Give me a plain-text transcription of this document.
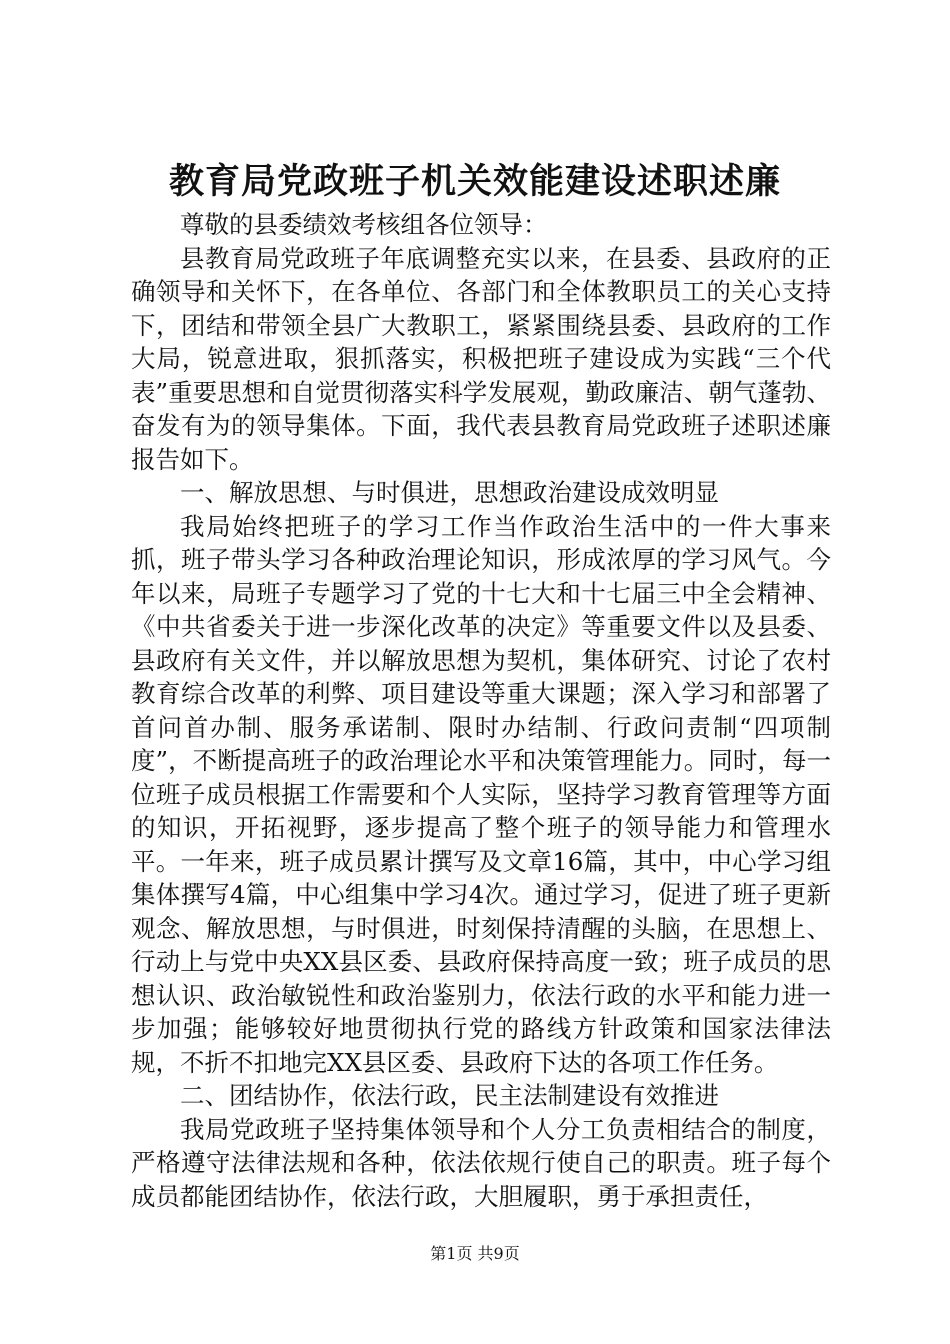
教育局党政班子机关效能建设述职述廉

尊敬的县委绩效考核组各位领导：

县教育局党政班子年底调整充实以来，在县委、县政府的正确领导和关怀下，在各单位、各部门和全体教职员工的关心支持下，团结和带领全县广大教职工，紧紧围绕县委、县政府的工作大局，锐意进取，狠抓落实，积极把班子建设成为实践“三个代表”重要思想和自觉贯彻落实科学发展观，勤政廉洁、朝气蓬勃、奋发有为的领导集体。下面，我代表县教育局党政班子述职述廉报告如下。

一、解放思想、与时俱进，思想政治建设成效明显

我局始终把班子的学习工作当作政治生活中的一件大事来抓，班子带头学习各种政治理论知识，形成浓厚的学习风气。今年以来，局班子专题学习了党的十七大和十七届三中全会精神、《中共省委关于进一步深化改革的决定》等重要文件以及县委、县政府有关文件，并以解放思想为契机，集体研究、讨论了农村教育综合改革的利弊、项目建设等重大课题；深入学习和部署了首问首办制、服务承诺制、限时办结制、行政问责制“四项制度”，不断提高班子的政治理论水平和决策管理能力。同时，每一位班子成员根据工作需要和个人实际，坚持学习教育管理等方面的知识，开拓视野，逐步提高了整个班子的领导能力和管理水平。一年来，班子成员累计撰写及文章16篇，其中，中心学习组集体撰写4篇，中心组集中学习4次。通过学习，促进了班子更新观念、解放思想，与时俱进，时刻保持清醒的头脑，在思想上、行动上与党中央XX县区委、县政府保持高度一致；班子成员的思想认识、政治敏锐性和政治鉴别力，依法行政的水平和能力进一步加强；能够较好地贯彻执行党的路线方针政策和国家法律法规，不折不扣地完XX县区委、县政府下达的各项工作任务。

二、团结协作，依法行政，民主法制建设有效推进

我局党政班子坚持集体领导和个人分工负责相结合的制度，严格遵守法律法规和各种，依法依规行使自己的职责。班子每个成员都能团结协作，依法行政，大胆履职，勇于承担责任，

第1页 共9页
